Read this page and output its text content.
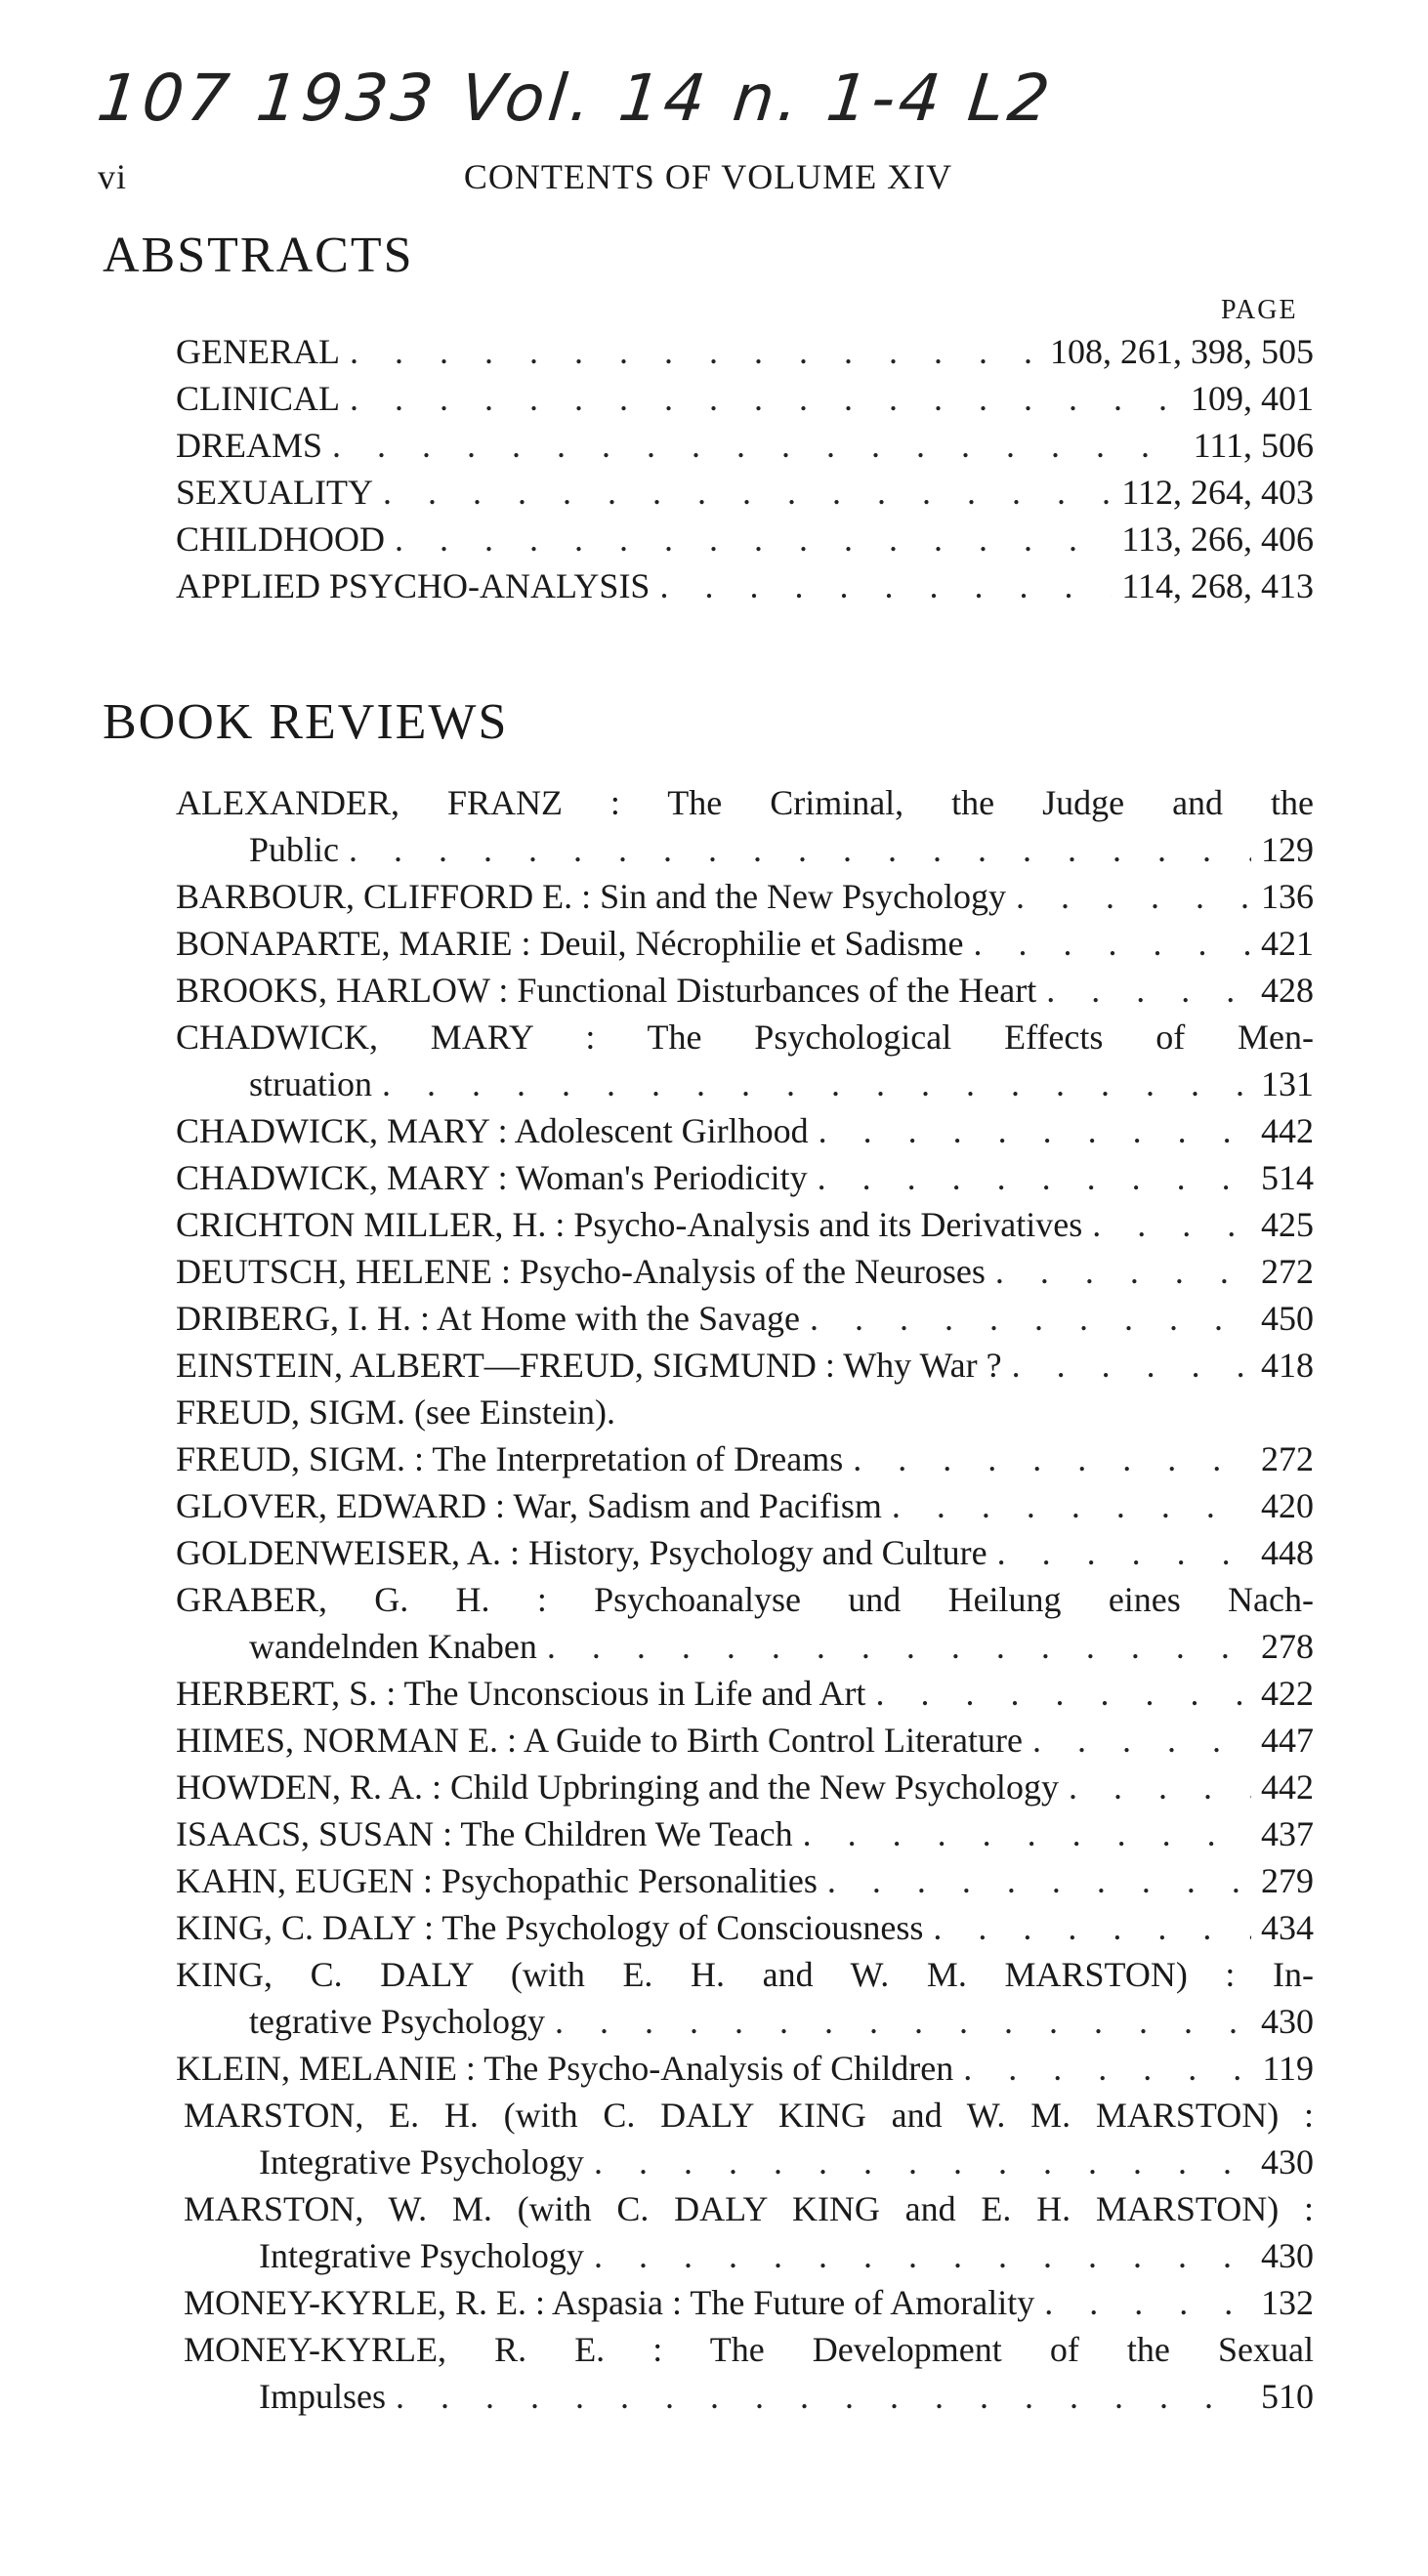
107 1933 Vol. 14 n. 1-4 L2
vi	CONTENTS OF VOLUME XIV
ABSTRACTS
PAGE
GENERAL . . .	108, 261, 398, 505
CLINICAL . . .	109, 401
DREAMS . . .	111, 506
SEXUALITY . . .	112, 264, 403
CHILDHOOD . . .	113, 266, 406
APPLIED PSYCHO-ANALYSIS . . .	114, 268, 413
BOOK REVIEWS
ALEXANDER, FRANZ : The Criminal, the Judge and the
Public . . .	129
BARBOUR, CLIFFORD E. : Sin and the New Psychology . . .	136
BONAPARTE, MARIE : Deuil, Nécrophilie et Sadisme . . .	421
BROOKS, HARLOW : Functional Disturbances of the Heart . . .	428
CHADWICK, MARY : The Psychological Effects of Men-
struation . . .	131
CHADWICK, MARY : Adolescent Girlhood . . .	442
CHADWICK, MARY : Woman's Periodicity . . .	514
CRICHTON MILLER, H. : Psycho-Analysis and its Derivatives . . .	425
DEUTSCH, HELENE : Psycho-Analysis of the Neuroses . . .	272
DRIBERG, I. H. : At Home with the Savage . . .	450
EINSTEIN, ALBERT—FREUD, SIGMUND : Why War ? . . .	418
FREUD, SIGM. (see Einstein).
FREUD, SIGM. : The Interpretation of Dreams . . .	272
GLOVER, EDWARD : War, Sadism and Pacifism . . .	420
GOLDENWEISER, A. : History, Psychology and Culture . . .	448
GRABER, G. H. : Psychoanalyse und Heilung eines Nach-
wandelnden Knaben . . .	278
HERBERT, S. : The Unconscious in Life and Art . . .	422
HIMES, NORMAN E. : A Guide to Birth Control Literature . . .	447
HOWDEN, R. A. : Child Upbringing and the New Psychology . . .	442
ISAACS, SUSAN : The Children We Teach . . .	437
KAHN, EUGEN : Psychopathic Personalities . . .	279
KING, C. DALY : The Psychology of Consciousness . . .	434
KING, C. DALY (with E. H. and W. M. MARSTON) : In-
tegrative Psychology . . .	430
KLEIN, MELANIE : The Psycho-Analysis of Children . . .	119
MARSTON, E. H. (with C. DALY KING and W. M. MARSTON) :
Integrative Psychology . . .	430
MARSTON, W. M. (with C. DALY KING and E. H. MARSTON) :
Integrative Psychology . . .	430
MONEY-KYRLE, R. E. : Aspasia : The Future of Amorality . . .	132
MONEY-KYRLE, R. E. : The Development of the Sexual
Impulses . . .	510
